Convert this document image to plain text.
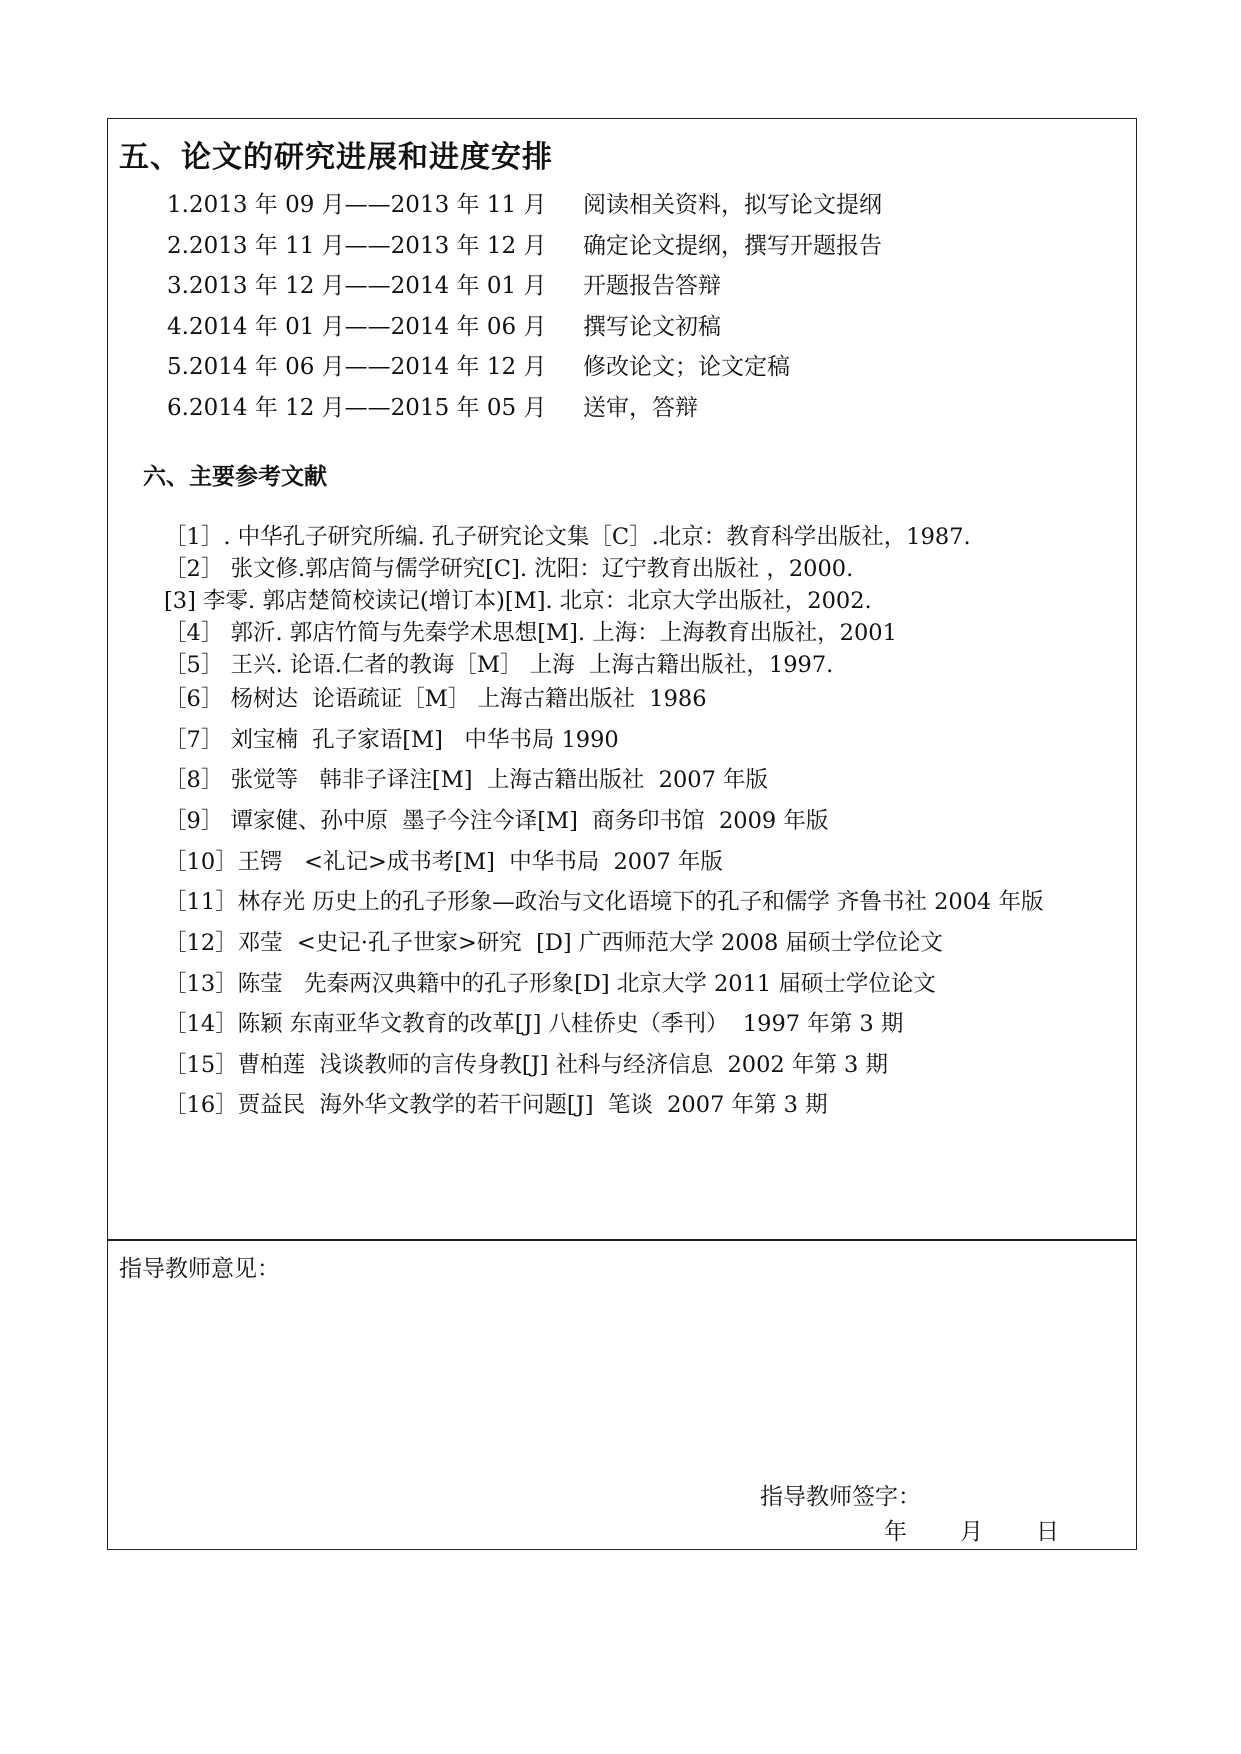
五、论文的研究进展和进度安排
1.2013 年 09 月——2013 年 11 月 阅读相关资料，拟写论文提纲
2.2013 年 11 月——2013 年 12 月 确定论文提纲，撰写开题报告
3.2013 年 12 月——2014 年 01 月 开题报告答辩
4.2014 年 01 月——2014 年 06 月 撰写论文初稿
5.2014 年 06 月——2014 年 12 月 修改论文；论文定稿
6.2014 年 12 月——2015 年 05 月 送审，答辩
六、主要参考文献
［1］. 中华孔子研究所编. 孔子研究论文集［C］.北京：教育科学出版社，1987.
［2］ 张文修.郭店简与儒学研究[C]. 沈阳：辽宁教育出版社 ，2000.
[3] 李零. 郭店楚简校读记(增订本)[M]. 北京：北京大学出版社，2002.
［4］ 郭沂. 郭店竹简与先秦学术思想[M]. 上海：上海教育出版社，2001
［5］ 王兴. 论语.仁者的教诲［M］ 上海  上海古籍出版社，1997.
［6］ 杨树达  论语疏证［M］ 上海古籍出版社  1986
［7］ 刘宝楠  孔子家语[M]   中华书局 1990
［8］ 张觉等   韩非子译注[M]  上海古籍出版社  2007 年版
［9］ 谭家健、孙中原  墨子今注今译[M]  商务印书馆  2009 年版
［10］王锷   <礼记>成书考[M]  中华书局  2007 年版
［11］林存光 历史上的孔子形象—政治与文化语境下的孔子和儒学 齐鲁书社 2004 年版
［12］邓莹  <史记·孔子世家>研究  [D] 广西师范大学 2008 届硕士学位论文
［13］陈莹   先秦两汉典籍中的孔子形象[D] 北京大学 2011 届硕士学位论文
［14］陈颖 东南亚华文教育的改革[J] 八桂侨史（季刊）  1997 年第 3 期
［15］曹柏莲  浅谈教师的言传身教[J] 社科与经济信息  2002 年第 3 期
［16］贾益民  海外华文教学的若干问题[J]  笔谈  2007 年第 3 期
指导教师意见：
指导教师签字：
年 月 日
